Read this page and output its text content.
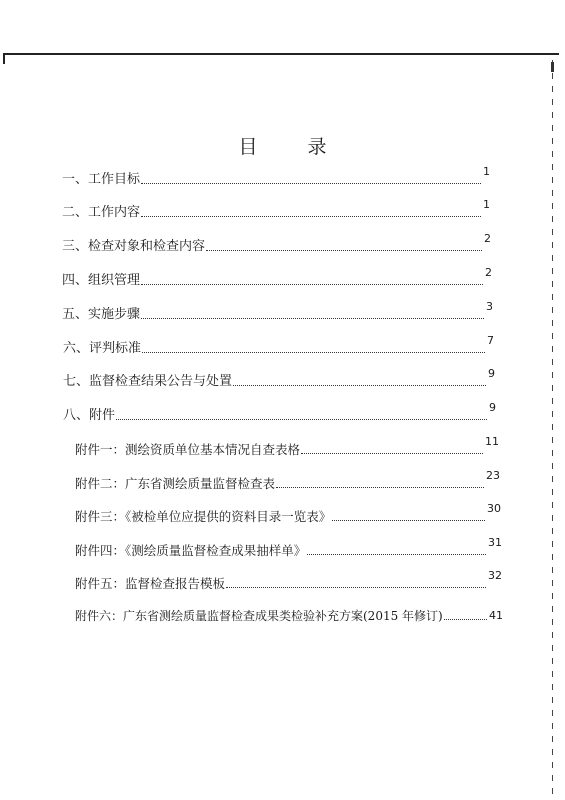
目 录
一、工作目标
1
二、工作内容
1
三、检查对象和检查内容
2
四、组织管理
2
五、实施步骤
3
六、评判标准
7
七、监督检查结果公告与处置
9
八、附件
9
附件一：测绘资质单位基本情况自查表格
11
附件二：广东省测绘质量监督检查表
23
附件三：《被检单位应提供的资料目录一览表》
30
附件四：《测绘质量监督检查成果抽样单》
31
附件五：监督检查报告模板
32
附件六：广东省测绘质量监督检查成果类检验补充方案(2015 年修订)	41
